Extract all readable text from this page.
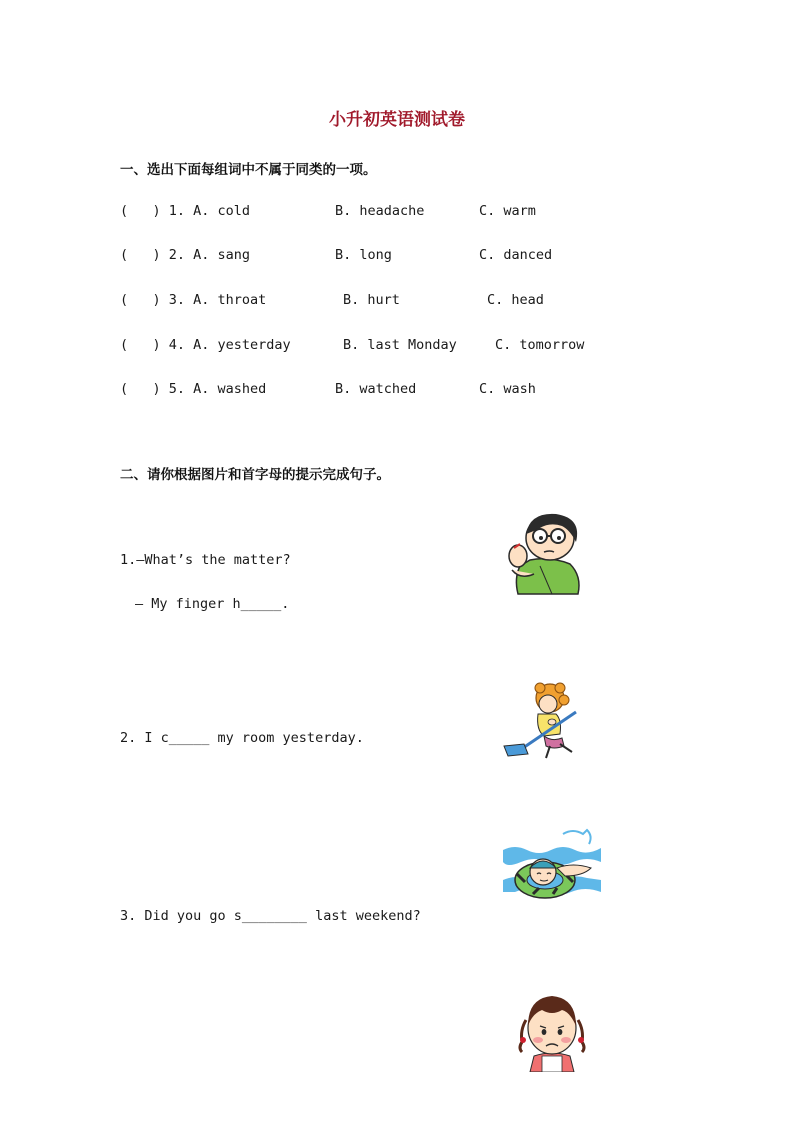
小升初英语测试卷
一、选出下面每组词中不属于同类的一项。
(   ) 1. A. cold	B. headache	C. warm
(   ) 2. A. sang	B. long	C. danced
(   ) 3. A. throat	B. hurt	C. head
(   ) 4. A. yesterday	B. last Monday	C. tomorrow
(   ) 5. A. washed	B. watched	C. wash
二、请你根据图片和首字母的提示完成句子。
1.—What’s the matter?
— My finger h_____.
2. I c_____ my room yesterday.
3. Did you go s________ last weekend?
